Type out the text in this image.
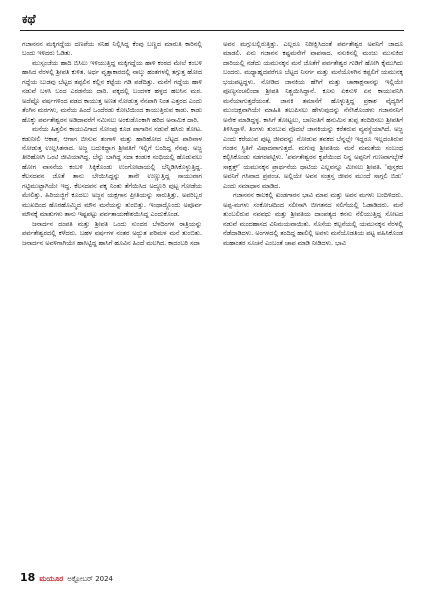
ಕಥೆ

ಗಜಾನನನ ಮಕ್ಕಿಗದ್ದೆಯ ದಣಪೆಯ ಸನಿಹ ನಿಲ್ಲಿಸಿದ್ದ ಕೆಂಪು ಬಣ್ಣದ ಮಾರುತಿ ಕಾರಿನಲ್ಲಿ ಬಂದು ಇಳಿದರು ಓಡಿತು.

ಮುಸ್ಸಂಜೆಯ ಹಾದಿ ಬಿಸಿಲು ಇಳಿಯುತ್ತಿದ್ದ ಮಕ್ಕಿಗದ್ದೆಯ ಹಾಳಿ ಕಂಠದ ಮೇಲೆ ಕಂಬಳಿ ಹಾಸಿದ ನೆರಳಲ್ಲಿ ಶ್ರೀಪತಿ ಕುಳಿತ. ಅರ್ಧ ವೃತ್ತಾಕಾರದಲ್ಲಿ ನಾಲ್ಕು ಹಂತಗಳಲ್ಲಿ ತಗ್ಗುತ್ತ ಹೋದ ಗದ್ದೆಯ ಬುಡವು ಬೆಟ್ಟದ ತಪ್ಪಲಿನ ಕಲ್ಲಿನ ಕಟ್ಟೆಯ ಗಡಿ ಪಡೆದಿತ್ತು. ಮನೆಗೆ ಗದ್ದೆಯ ಹಾಳಿ ನಡುವೆ ಬಳಸಿ ಬಂದ ಎರಡನೆಯ ದಾರಿ. ಪಕ್ಕದಲ್ಲಿ ಬಂದಳಕ ಹಳ್ಳದ ಹಲಸಿನ ಮರ. ಅದೆಷ್ಟೊ ವರ್ಷಗಳಿಂದ ಪಡದ ಕಾಯುತ್ತ ಅಣತ ನೋಡುತ್ತ ನೆನಪಾಗಿ ನಿಂತ ಎತ್ತರದ ಎಂದು ತೆಂಗಿನ ಮರಗಳು, ಮನೆಯ ಹಿಂದೆ ಒಂದೆರಡು ಕೋಟಿಯಿಂದ ಕಾಯುತ್ತಿರುವ ಕಾಡು. ಕಾಡು ಹೊಕ್ಕು ಪರ್ವತೇಶ್ವರನ ಅಡಿದಾವರೆಗೆ ನಮಿಸಲು ಅಂಕುಡೊಂಕಾಗಿ ಹರಿದ ಅನಾಮಿಕ ದಾರಿ.

ಮನೆಯ ಹಿತ್ತಲಿನ ಕಾಯುವಿಗಾದ ಸೋಂಪು ಕೂಡ ಪಾಗಾರಿನ ನಡುವೆ ಹಸಿರು ತೋಟ. ಕಡುನೀಲಿ ಆಕಾಶ, ಆಗಾಗ ಬೀಸುವ ತಂಗಾಳಿ ಮತ್ತು ಹಾರಿಹೋದ ಬೆಟ್ಟದ ಪಾರಿವಾಳ ನೋಡುತ್ತ ಉಲ್ಲಸಿತನಾದ. ಅಜ್ಜ ಬದುಕಿದ್ದಾಗ ಶ್ರೀಪತಿಗೆ ಇಲ್ಲಿಗೆ ಬಂದಿದ್ದ ನೆನಪು. ಅಜ್ಜ ತೀರಿಹೋಗಿ ಒಂಟಿ ಜೀವಿಯಾಗಿದ್ದ. ಬೆನ್ನು ಬಾಗಿದ್ದ ಸದಾ ಕಂಡುಕ ಸಂಧಿಯಲ್ಲಿ ಹೊಡುವಲು ಹೋಗ ವಾಸನೆಯ ಕಂಬಳಿ ಸಿಕ್ಕಿಕೊಂಡು ಉಂಗೋಟಾಯಲ್ಲಿ ಬೆನ್ನಿಡಿಸಿಕೊಳ್ಳುತ್ತಿದ್ದ. ಕೆಲಸದವನ ಜೊತೆ ತಾನು ಬೇಯಿಸಿದ್ದನ್ನು ತಾನೇ ಉಣ್ಣುತ್ತಿದ್ದ ಸಾಯುವಾಗ ಗಟ್ಟಿಮುಟ್ಟಾಗಿಯೇ ಇದ್ದ. ಕೆಲಸದವನ ಪಕ್ಕ ನಿಂತು ತೆಗೆಯಿಸಿದ ಅದ್ದೂರಿ ಪುಟ್ಟ ಗೋಡೆಯ ಮೇಲಿತ್ತು. ಹಿರಿಯಜ್ಜಿಗೆ ಕೂದಲು ಅಜ್ಜನ ಯಕ್ಷಗಾನ ಪ್ರೀತಿಯನ್ನು ಸಾರುತ್ತಿತ್ತು. ಅವರಿಬ್ಬರ ಮುಖದಿಂದ ಹೊರಹೊಮ್ಮಿದ ಮೌನ ಮನೆಯನ್ನು ತುಂಬಿತ್ತು. ಇಂಥಾದ್ದೊಂದು ಅಪೂರ್ವ ಮೌನಕ್ಕೆ ಮಾತುಗಳು ತಾನು ಇಷ್ಟಪಟ್ಟು ಪರ್ವತಾಯಣೇಶಯಿಸಿದ್ದ ಎಂದುಕೊಂಡ.

ಜನಾರ್ದನ ದಂಪತಿ ಮತ್ತು ಶ್ರೀಪತಿ ಒಂದು ಸುಂದರ ಬೆಳದಿಂಗಳ ರಾತ್ರಿಯನ್ನು ಪರ್ವತೇಶ್ವರದಲ್ಲಿ ಕಳೆದರು. ಬಹಳ ವರ್ಷಗಳ ನಂತರ ಅದ್ಭುತ ಪರಿಮಳ ಮನೆ ತುಂಬಿತು. ಜನಾರ್ದನ ಅವಳಿಗಾಗಿಯೇ ಹಾಸಿಟ್ಟಿದ್ದ ಹಾಸಿಗೆ ಹೂವಿನ ಹಿಂದೆ ಮಲಗಿದ. ಕಾದಂಬರಿ ಸದಾ

ಅವನ ಮಗ್ಗುಲಲ್ಲಿರುತ್ತಿತ್ತು. ಎಲ್ಲರೂ ನಿರೀಕ್ಷಿಸಿದಂತೆ ಪರ್ವತೇಶ್ವರ ಅವನಿಗೆ ಜಾದೂ ಮಾಡಲಿ. ಏನು ಗಜಾನನ ಕಷ್ಟಮನೇಗೆ ವಾಪಸಾದ. ನಸುಕಿನಲ್ಲಿ ಮಂಜು ಮುಸುಕಿದ ದಾರಿಯಲ್ಲಿ ನಡೆದು ಯಮುನಕ್ಕನ ಮನೆ ಜೊತೆಗೆ ಪರ್ವತೇಶ್ವರ ಗುಡಿಗೆ ಹೋಗಿ ಕೈಮುಗಿದು ಬಂದರು. ಮಧ್ಯಾಹ್ನದವರೆಗೂ ಬೆಟ್ಟದ ನಿಸರ್ಗ ಮತ್ತು ಮನೆಯೊಳಗಿನ ಕಪ್ಪಲಿಗೆ ಯಮುನಕ್ಕ ಭಯಪಟ್ಟದ್ದಳು. ನೋಡಿದ ಜಾನಕಿಯ ಹೆಗಿಗೆ ಮತ್ತು ಚಾಣಾಕ್ಷನಾನನ್ನು ಇಲ್ಲಿಯೇ ಪೂಣ್ಯಸಂಚಲಿಂದಾ ಶ್ರೀಪತಿ ನಿಶ್ಚಯಿಸಿದ್ದಾನೆ. ಕೂಸು ಏಕಸುಳಿ ಏನ ಕಾಯುವನಿಗಿ ಮನೆಯಾಗುತ್ತದೆಯಂತೆ. ಜಾನಕಿ ತಮಾಸೆಗೆ ಹೊಳ್ಳುತ್ತಿದ್ದ ಪ್ರಕಾಶ ವೈದ್ಯರಿಗೆ ಮುಂಜಕ್ಷವಾಗಿಯೇ ಮಾಹಿತಿ ತಲುಪಿಸಲು ಹೇಳುವುದನ್ನು ನೆನೆಸಿಕೊಂಡಳು ಗಜಾನನನಿಗೆ ಅನೇಕ ಮಾಡಿದ್ದಳ್ಳ. ಕಾಸಿಗೆ ತೋಟ್ಟಲು, ಬಾಣಂತಿಗೆ ಹನುಮಿನ ತುಪ್ಪ ತಂದಿರಿಸಲು ಶ್ರೀಪತಿಗೆ ತಿಳಿಸಿದ್ದಾಳೆ. ತಿಂಗಳು ತುಂಬುವ ವೊದಲೆ ಜಾನಕಿಯನ್ನು ಕರೆತರುವ ವ್ಯವಸ್ಥೆಯಾಗಿದೆ. ಅಜ್ಜ ಎಂದು ಕರೆಯುವ ಪುಟ್ಟ ಜೀವವನ್ನು ನೋಡುವ ತವಕದ ಬೆನ್ನಲ್ಲೇ ಇದ್ದರೂ ಇಲ್ಲದಂತಿರುವ ಗಂಡನ ಸ್ಥಿತಿಗೆ ವಿಷಾದವಾಗುತ್ತದೆ. ಮಗುವು ಶ್ರೀಪತಿಯ ಮನೆ ಮಮತೆಯ ಸಂಬಂಧ ಕಲ್ಪಿಸಿಕೊಂಡು ಸಡಗರಪಟ್ಟಿಳು. 'ಪರ್ವತೇಶ್ವರನ ಕೃಪೆಯಿಂದ ನಿನ್ನ ಅಪ್ಪನಿಗೆ ಗುಣವಾಗಬ್ಬೇಕೆ ಸಾಕ್ಷತ್ತ್' ಯಮುನಕ್ಕನ ಪ್ರಾರ್ಥನೆಯ ಧಾಟಿಯ ಎಲ್ಲವನ್ನೂ ಮೀಸಲು ಶ್ರೀಪತಿ. 'ಪುಸ್ತಕದ ಅವನಿಗೆ ಗಸಿವಾದ ಪ್ರಪಂಚ. ಅಲ್ಲಿಯೇ ಅವನ ಸಂತ್ರಸ್ತ ಜೀವನ ಮುಂದೆ ಸಾಗ್ಗಲಿ ಬಿಡು' ಎಂದು ಸಮಾಧಾನ ಮಾಡಿದ.

ಗಜಾನನನ ಕಾಲಕಲ್ಲಿ ಖಂಡಗಾರನ ಭಾವಿ ಮಾವ ಮತ್ತು ಅವನ ಮಗಳು ಬಂದಿಳಿದರು. ಅಪ್ಪ-ಮಗಳು ಸಂಕೋಚದಿಂದ ಸಲೀಸಾಗಿ ಬೀಗತನದ ಸಲಿಗೆಯಲ್ಲಿ ಓಡಾಡಿದರು. ಮನೆ ತುಂಬಲಿರುವ ನವವಧು ಮತ್ತು ಶ್ರೀಪತಿಯ ದಾಂಪತ್ಯದ ಕನಸು ನೆಲಿಯುತ್ತಿದ್ದ ಸೋಟದ ನಡುವೆ ಮಂದಹಾಸದ ವಿನಿಮಯವಾಯಿತು. ಸೊಸೆಯ ಕಲ್ಪನೆಯಲ್ಲಿ ಯಮುನಕ್ಕನ ನೆರಳಲ್ಲಿ ನೆಡೆದಾಡಿದಳು. ಅಂಗಳದಲ್ಲಿ ತಂದಿದ್ದ ಹಾಲಿಲ್ಲಿ ಅವಳು ಮನೆಯೊಡತಿಯ ಪಟ್ಟ ವಹಿಸಿಕೊಂಡ ಮಹಾಂತರ ಸೂಚನೆ ಎಂಬಂತೆ ಚಾಪ ಮಾಡಿ ನೀಡಿದಳು. ಭಾವಿ

18 ಮಯೂರ ಅಕ್ಟೋಬರ್ 2024
